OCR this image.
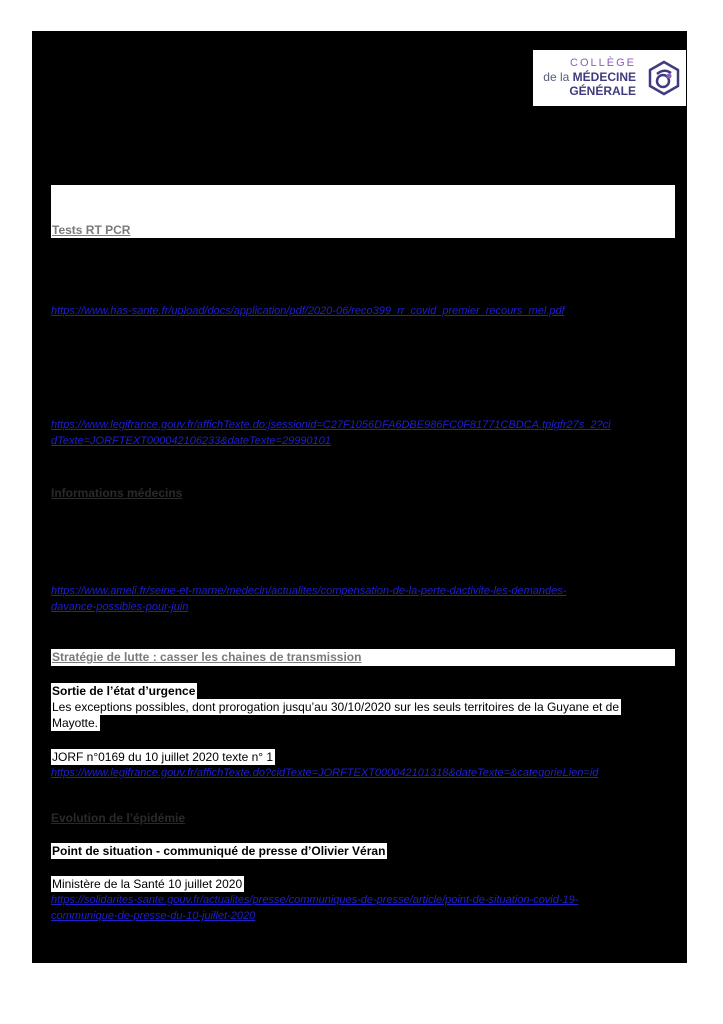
COLLÈGE
de la MÉDECINE
GÉNÉRALE
Tests RT PCR
https://www.has-sante.fr/upload/docs/application/pdf/2020-06/reco399_rr_covid_premier_recours_mel.pdf
https://www.legifrance.gouv.fr/affichTexte.do;jsessionid=C27F1056DFA6DBE986FC0F81771CBDCA.tplgfr27s_2?ci
dTexte=JORFTEXT000042106233&dateTexte=29990101
Informations médecins
https://www.ameli.fr/seine-et-marne/medecin/actualites/compensation-de-la-perte-dactivite-les-demandes-
davance-possibles-pour-juin
Stratégie de lutte : casser les chaines de transmission
Sortie de l’état d’urgence
Les exceptions possibles, dont prorogation jusqu’au 30/10/2020 sur les seuls territoires de la Guyane et de
Mayotte.
JORF n°0169 du 10 juillet 2020 texte n° 1
https://www.legifrance.gouv.fr/affichTexte.do?cidTexte=JORFTEXT000042101318&dateTexte=&categorieLien=id
Evolution de l’épidémie
Point de situation - communiqué de presse d’Olivier Véran
Ministère de la Santé 10 juillet 2020
https://solidarites-sante.gouv.fr/actualites/presse/communiques-de-presse/article/point-de-situation-covid-19-
communique-de-presse-du-10-juillet-2020
